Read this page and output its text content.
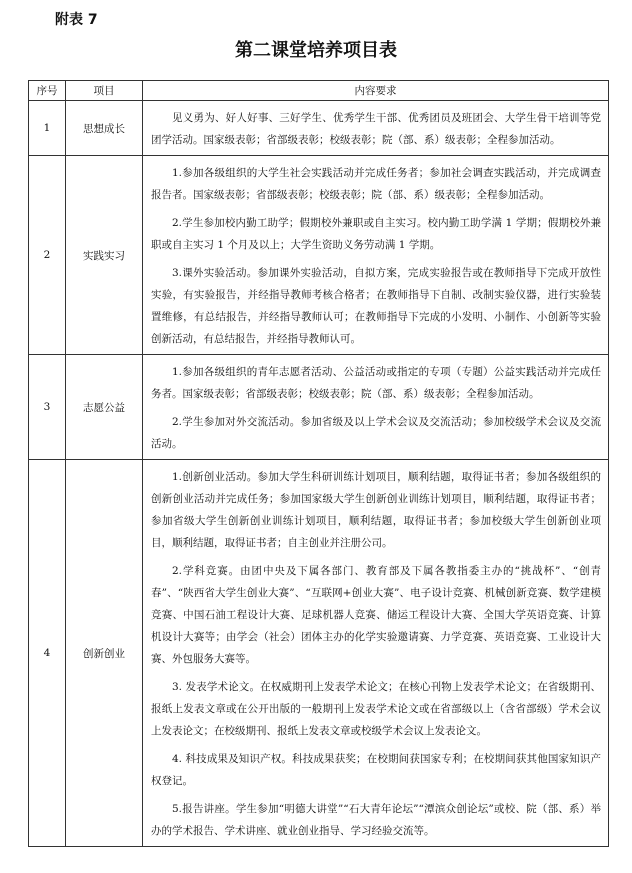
附表 7
第二课堂培养项目表
序号	项目	内容要求
1	思想成长	见义勇为、好人好事、三好学生、优秀学生干部、优秀团员及班团会、大学生骨干培训等党团学活动。国家级表彰；省部级表彰；校级表彰；院（部、系）级表彰；全程参加活动。

2	实践实习	1.参加各级组织的大学生社会实践活动并完成任务者；参加社会调查实践活动，并完成调查报告者。国家级表彰；省部级表彰；校级表彰；院（部、系）级表彰；全程参加活动。

2.学生参加校内勤工助学；假期校外兼职或自主实习。校内勤工助学满 1 学期；假期校外兼职或自主实习 1 个月及以上；大学生资助义务劳动满 1 学期。

3.课外实验活动。参加课外实验活动，自拟方案，完成实验报告或在教师指导下完成开放性实验，有实验报告，并经指导教师考核合格者；在教师指导下自制、改制实验仪器，进行实验装置维修，有总结报告，并经指导教师认可；在教师指导下完成的小发明、小制作、小创新等实验创新活动，有总结报告，并经指导教师认可。

3	志愿公益	1.参加各级组织的青年志愿者活动、公益活动或指定的专项（专题）公益实践活动并完成任务者。国家级表彰；省部级表彰；校级表彰；院（部、系）级表彰；全程参加活动。

2.学生参加对外交流活动。参加省级及以上学术会议及交流活动；参加校级学术会议及交流活动。

4	创新创业	1.创新创业活动。参加大学生科研训练计划项目，顺利结题，取得证书者；参加各级组织的创新创业活动并完成任务；参加国家级大学生创新创业训练计划项目，顺利结题，取得证书者；参加省级大学生创新创业训练计划项目，顺利结题，取得证书者；参加校级大学生创新创业项目，顺利结题，取得证书者；自主创业并注册公司。

2.学科竞赛。由团中央及下属各部门、教育部及下属各教指委主办的“挑战杯”、“创青春”、“陕西省大学生创业大赛”、“互联网+创业大赛”、电子设计竞赛、机械创新竞赛、数学建模竞赛、中国石油工程设计大赛、足球机器人竞赛、储运工程设计大赛、全国大学英语竞赛、计算机设计大赛等；由学会（社会）团体主办的化学实验邀请赛、力学竞赛、英语竞赛、工业设计大赛、外包服务大赛等。

3. 发表学术论文。在权威期刊上发表学术论文；在核心刊物上发表学术论文；在省级期刊、报纸上发表文章或在公开出版的一般期刊上发表学术论文或在省部级以上（含省部级）学术会议上发表论文；在校级期刊、报纸上发表文章或校级学术会议上发表论文。

4. 科技成果及知识产权。科技成果获奖；在校期间获国家专利；在校期间获其他国家知识产权登记。

5.报告讲座。学生参加“明德大讲堂”“石大青年论坛”“潭滨众创论坛”或校、院（部、系）举办的学术报告、学术讲座、就业创业指导、学习经验交流等。
